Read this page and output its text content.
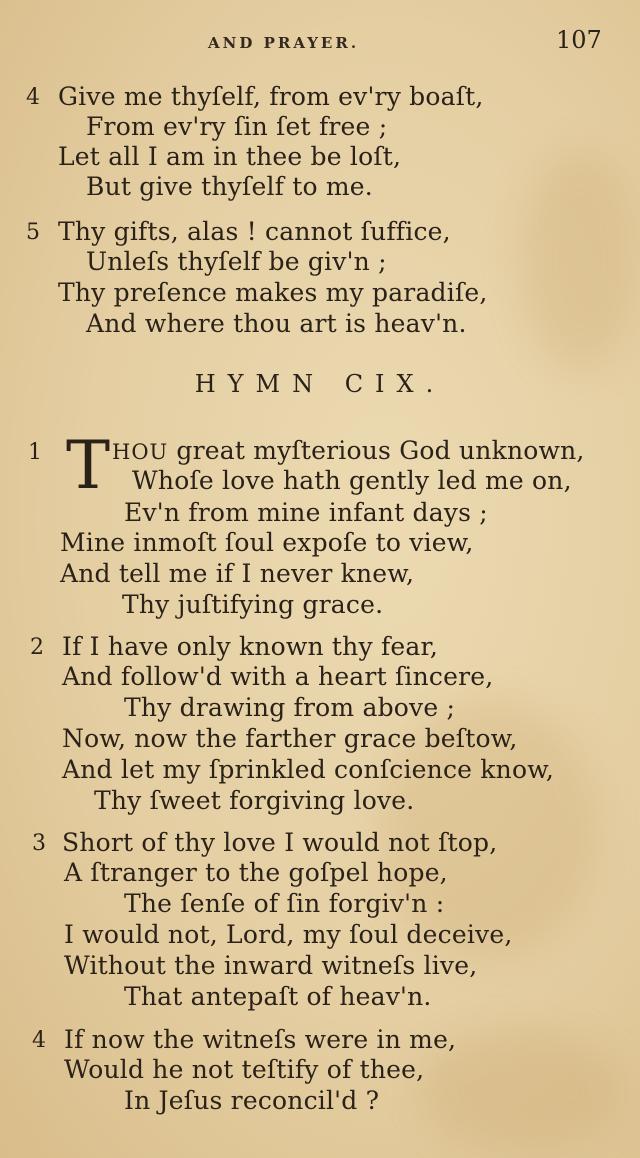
AND PRAYER.	107
4 Give me thyſelf, from ev'ry boaſt,
From ev'ry ſin ſet free ;
Let all I am in thee be loſt,
But give thyſelf to me.
5 Thy gifts, alas ! cannot ſuffice,
Unleſs thyſelf be giv'n ;
Thy preſence makes my paradiſe,
And where thou art is heav'n.
HYMN CIX.
1 T HOU great myſterious God unknown,
Whoſe love hath gently led me on,
Ev'n from mine infant days ;
Mine inmoſt ſoul expoſe to view,
And tell me if I never knew,
Thy juſtifying grace.
2 If I have only known thy fear,
And follow'd with a heart ſincere,
Thy drawing from above ;
Now, now the farther grace beſtow,
And let my ſprinkled conſcience know,
Thy ſweet forgiving love.
3 Short of thy love I would not ſtop,
A ſtranger to the goſpel hope,
The ſenſe of ſin forgiv'n :
I would not, Lord, my ſoul deceive,
Without the inward witneſs live,
That antepaſt of heav'n.
4 If now the witneſs were in me,
Would he not teſtify of thee,
In Jeſus reconcil'd ?
